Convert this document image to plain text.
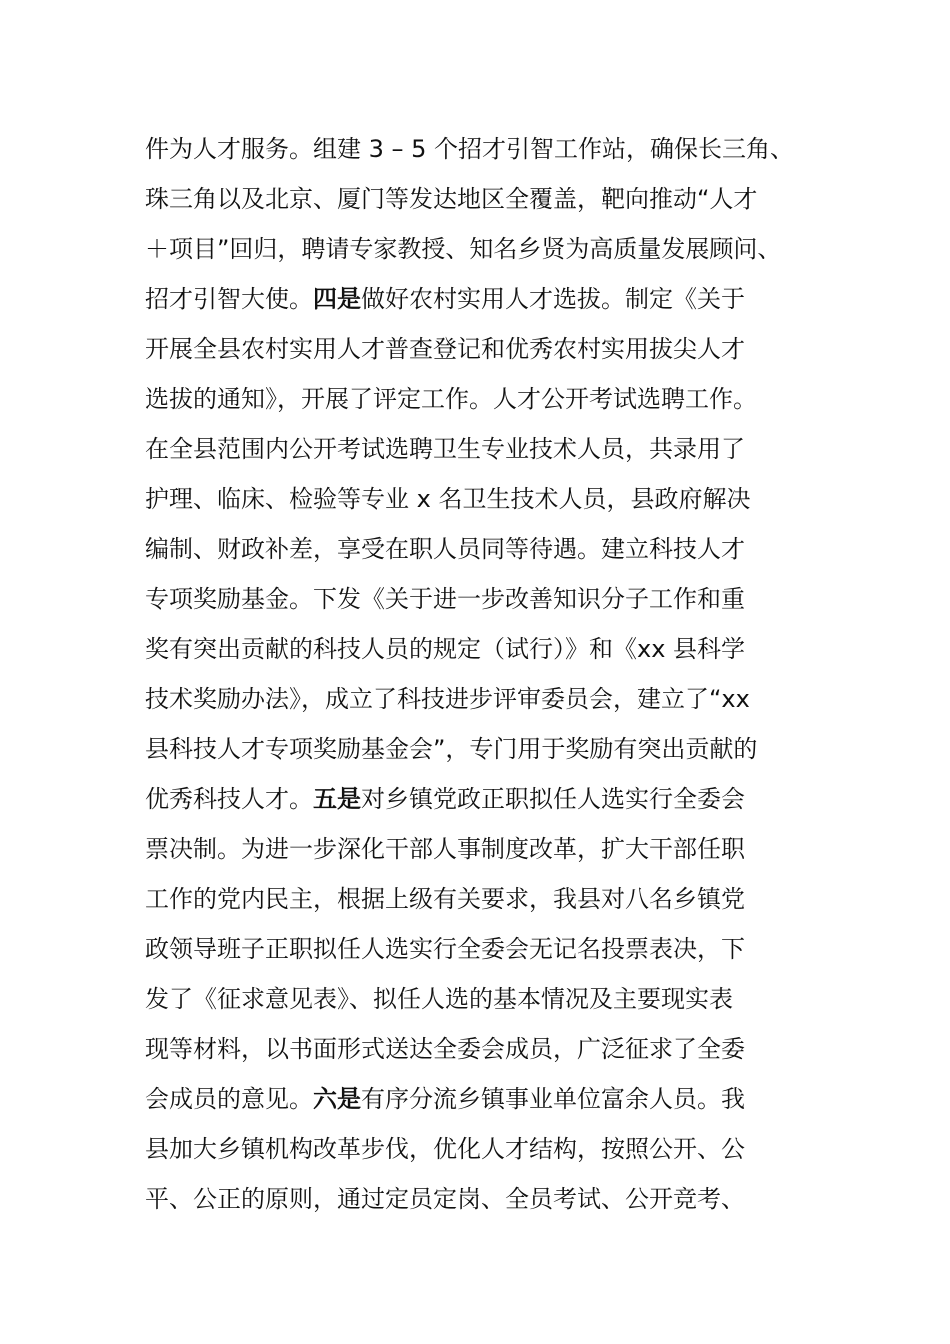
件为人才服务。组建 3 – 5 个招才引智工作站，确保长三角、
珠三角以及北京、厦门等发达地区全覆盖，靶向推动“人才
＋项目”回归，聘请专家教授、知名乡贤为高质量发展顾问、
招才引智大使。四是做好农村实用人才选拔。制定《关于
开展全县农村实用人才普查登记和优秀农村实用拔尖人才
选拔的通知》，开展了评定工作。人才公开考试选聘工作。
在全县范围内公开考试选聘卫生专业技术人员，共录用了
护理、临床、检验等专业 x 名卫生技术人员，县政府解决
编制、财政补差，享受在职人员同等待遇。建立科技人才
专项奖励基金。下发《关于进一步改善知识分子工作和重
奖有突出贡献的科技人员的规定（试行）》和《xx 县科学
技术奖励办法》，成立了科技进步评审委员会，建立了“xx
县科技人才专项奖励基金会”，专门用于奖励有突出贡献的
优秀科技人才。五是对乡镇党政正职拟任人选实行全委会
票决制。为进一步深化干部人事制度改革，扩大干部任职
工作的党内民主，根据上级有关要求，我县对八名乡镇党
政领导班子正职拟任人选实行全委会无记名投票表决，下
发了《征求意见表》、拟任人选的基本情况及主要现实表
现等材料，以书面形式送达全委会成员，广泛征求了全委
会成员的意见。六是有序分流乡镇事业单位富余人员。我
县加大乡镇机构改革步伐，优化人才结构，按照公开、公
平、公正的原则，通过定员定岗、全员考试、公开竞考、
